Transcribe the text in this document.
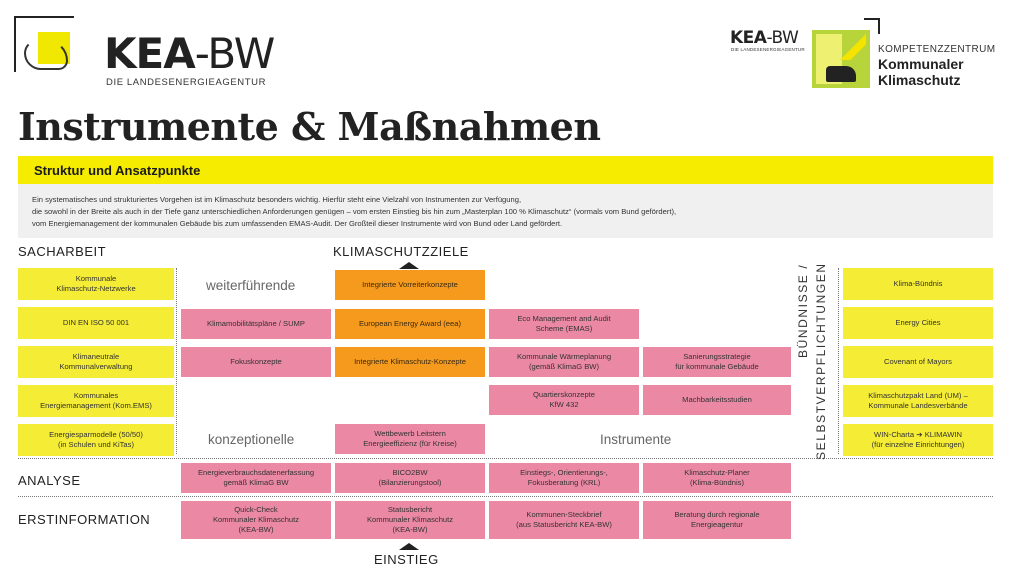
KEA-BW
DIE LANDESENERGIEAGENTUR
KEA-BW
DIE LANDESENERGIEAGENTUR	KOMPETENZZENTRUM
Kommunaler
Klimaschutz
Instrumente & Maßnahmen
Struktur und Ansatzpunkte
Ein systematisches und strukturiertes Vorgehen ist im Klimaschutz besonders wichtig. Hierfür steht eine Vielzahl von Instrumenten zur Verfügung,
die sowohl in der Breite als auch in der Tiefe ganz unterschiedlichen Anforderungen genügen – vom ersten Einstieg bis hin zum „Masterplan 100 % Klimaschutz“ (vormals vom Bund gefördert),
vom Energiemanagement der kommunalen Gebäude bis zum umfassenden EMAS-Audit. Der Großteil dieser Instrumente wird von Bund oder Land gefördert.
SACHARBEIT	KLIMASCHUTZZIELE
ANALYSE
ERSTINFORMATION
EINSTIEG
BÜNDNISSE / SELBSTVERPFLICHTUNGEN
Kommunale
Klimaschutz-Netzwerke
DIN EN ISO 50 001
Klimaneutrale
Kommunalverwaltung
Kommunales
Energiemanagement (Kom.EMS)
Energiesparmodelle (50/50)
(in Schulen und KiTas)
Klima-Bündnis
Energy Cities
Covenant of Mayors
Klimaschutzpakt Land (UM) –
Kommunale Landesverbände
WIN-Charta ➔ KLIMAWIN
(für einzelne Einrichtungen)
weiterführende
konzeptionelle	Instrumente
Integrierte Vorreiterkonzepte
Klimamobilitätspläne / SUMP	European Energy Award (eea)
Eco Management and Audit
Scheme (EMAS)
Fokuskonzepte	Integrierte Klimaschutz-Konzepte
Kommunale Wärmeplanung
(gemäß KlimaG BW)
Sanierungsstrategie
für kommunale Gebäude
Quartierskonzepte
KfW 432
Machbarkeitsstudien
Wettbewerb Leitstern
Energieeffizienz (für Kreise)
Energieverbrauchsdatenerfassung
gemäß KlimaG BW
BICO2BW
(Bilanzierungstool)
Einstiegs-, Orientierungs-,
Fokusberatung (KRL)
Klimaschutz-Planer
(Klima-Bündnis)
Quick-Check
Kommunaler Klimaschutz
(KEA-BW)
Statusbericht
Kommunaler Klimaschutz
(KEA-BW)
Kommunen-Steckbrief
(aus Statusbericht KEA-BW)
Beratung durch regionale
Energieagentur
